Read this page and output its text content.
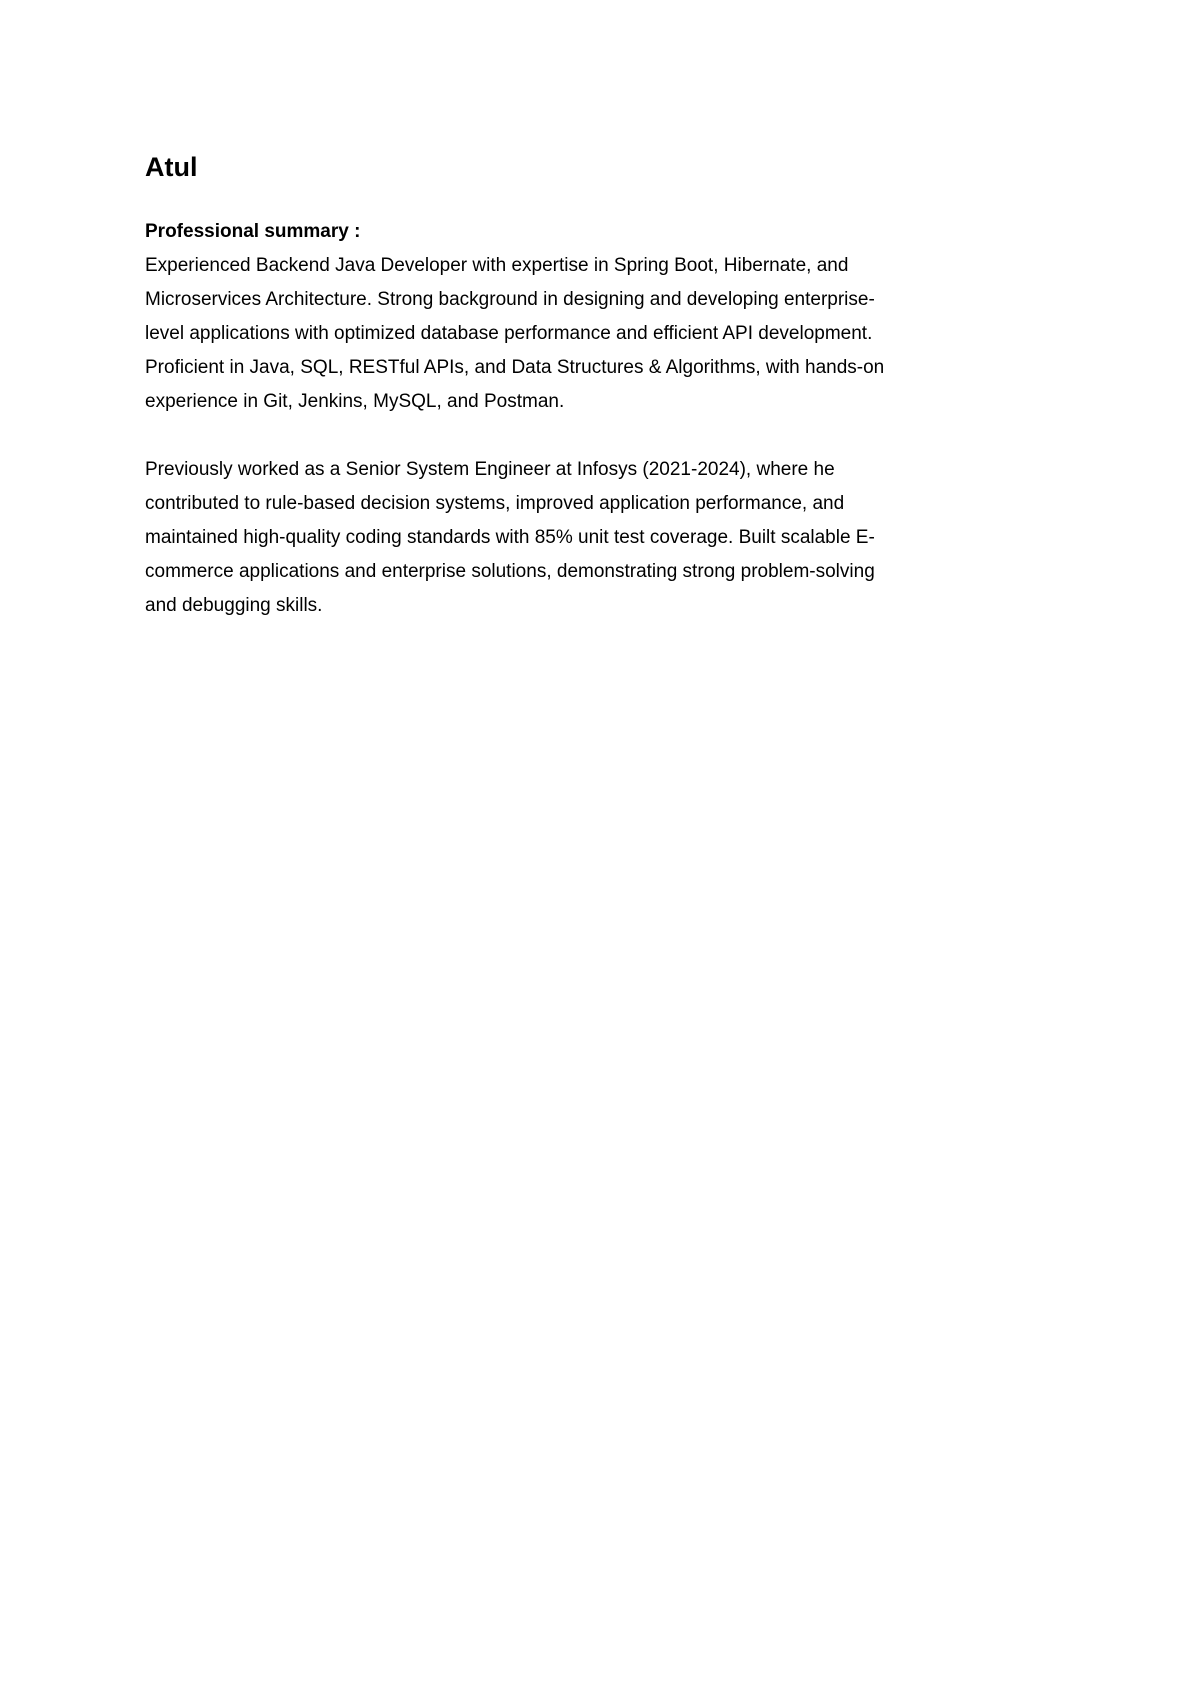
Atul
Professional summary :

Experienced Backend Java Developer with expertise in Spring Boot, Hibernate, and
Microservices Architecture. Strong background in designing and developing enterprise-
level applications with optimized database performance and efficient API development.
Proficient in Java, SQL, RESTful APIs, and Data Structures & Algorithms, with hands-on
experience in Git, Jenkins, MySQL, and Postman.

Previously worked as a Senior System Engineer at Infosys (2021-2024), where he
contributed to rule-based decision systems, improved application performance, and
maintained high-quality coding standards with 85% unit test coverage. Built scalable E-
commerce applications and enterprise solutions, demonstrating strong problem-solving
and debugging skills.
